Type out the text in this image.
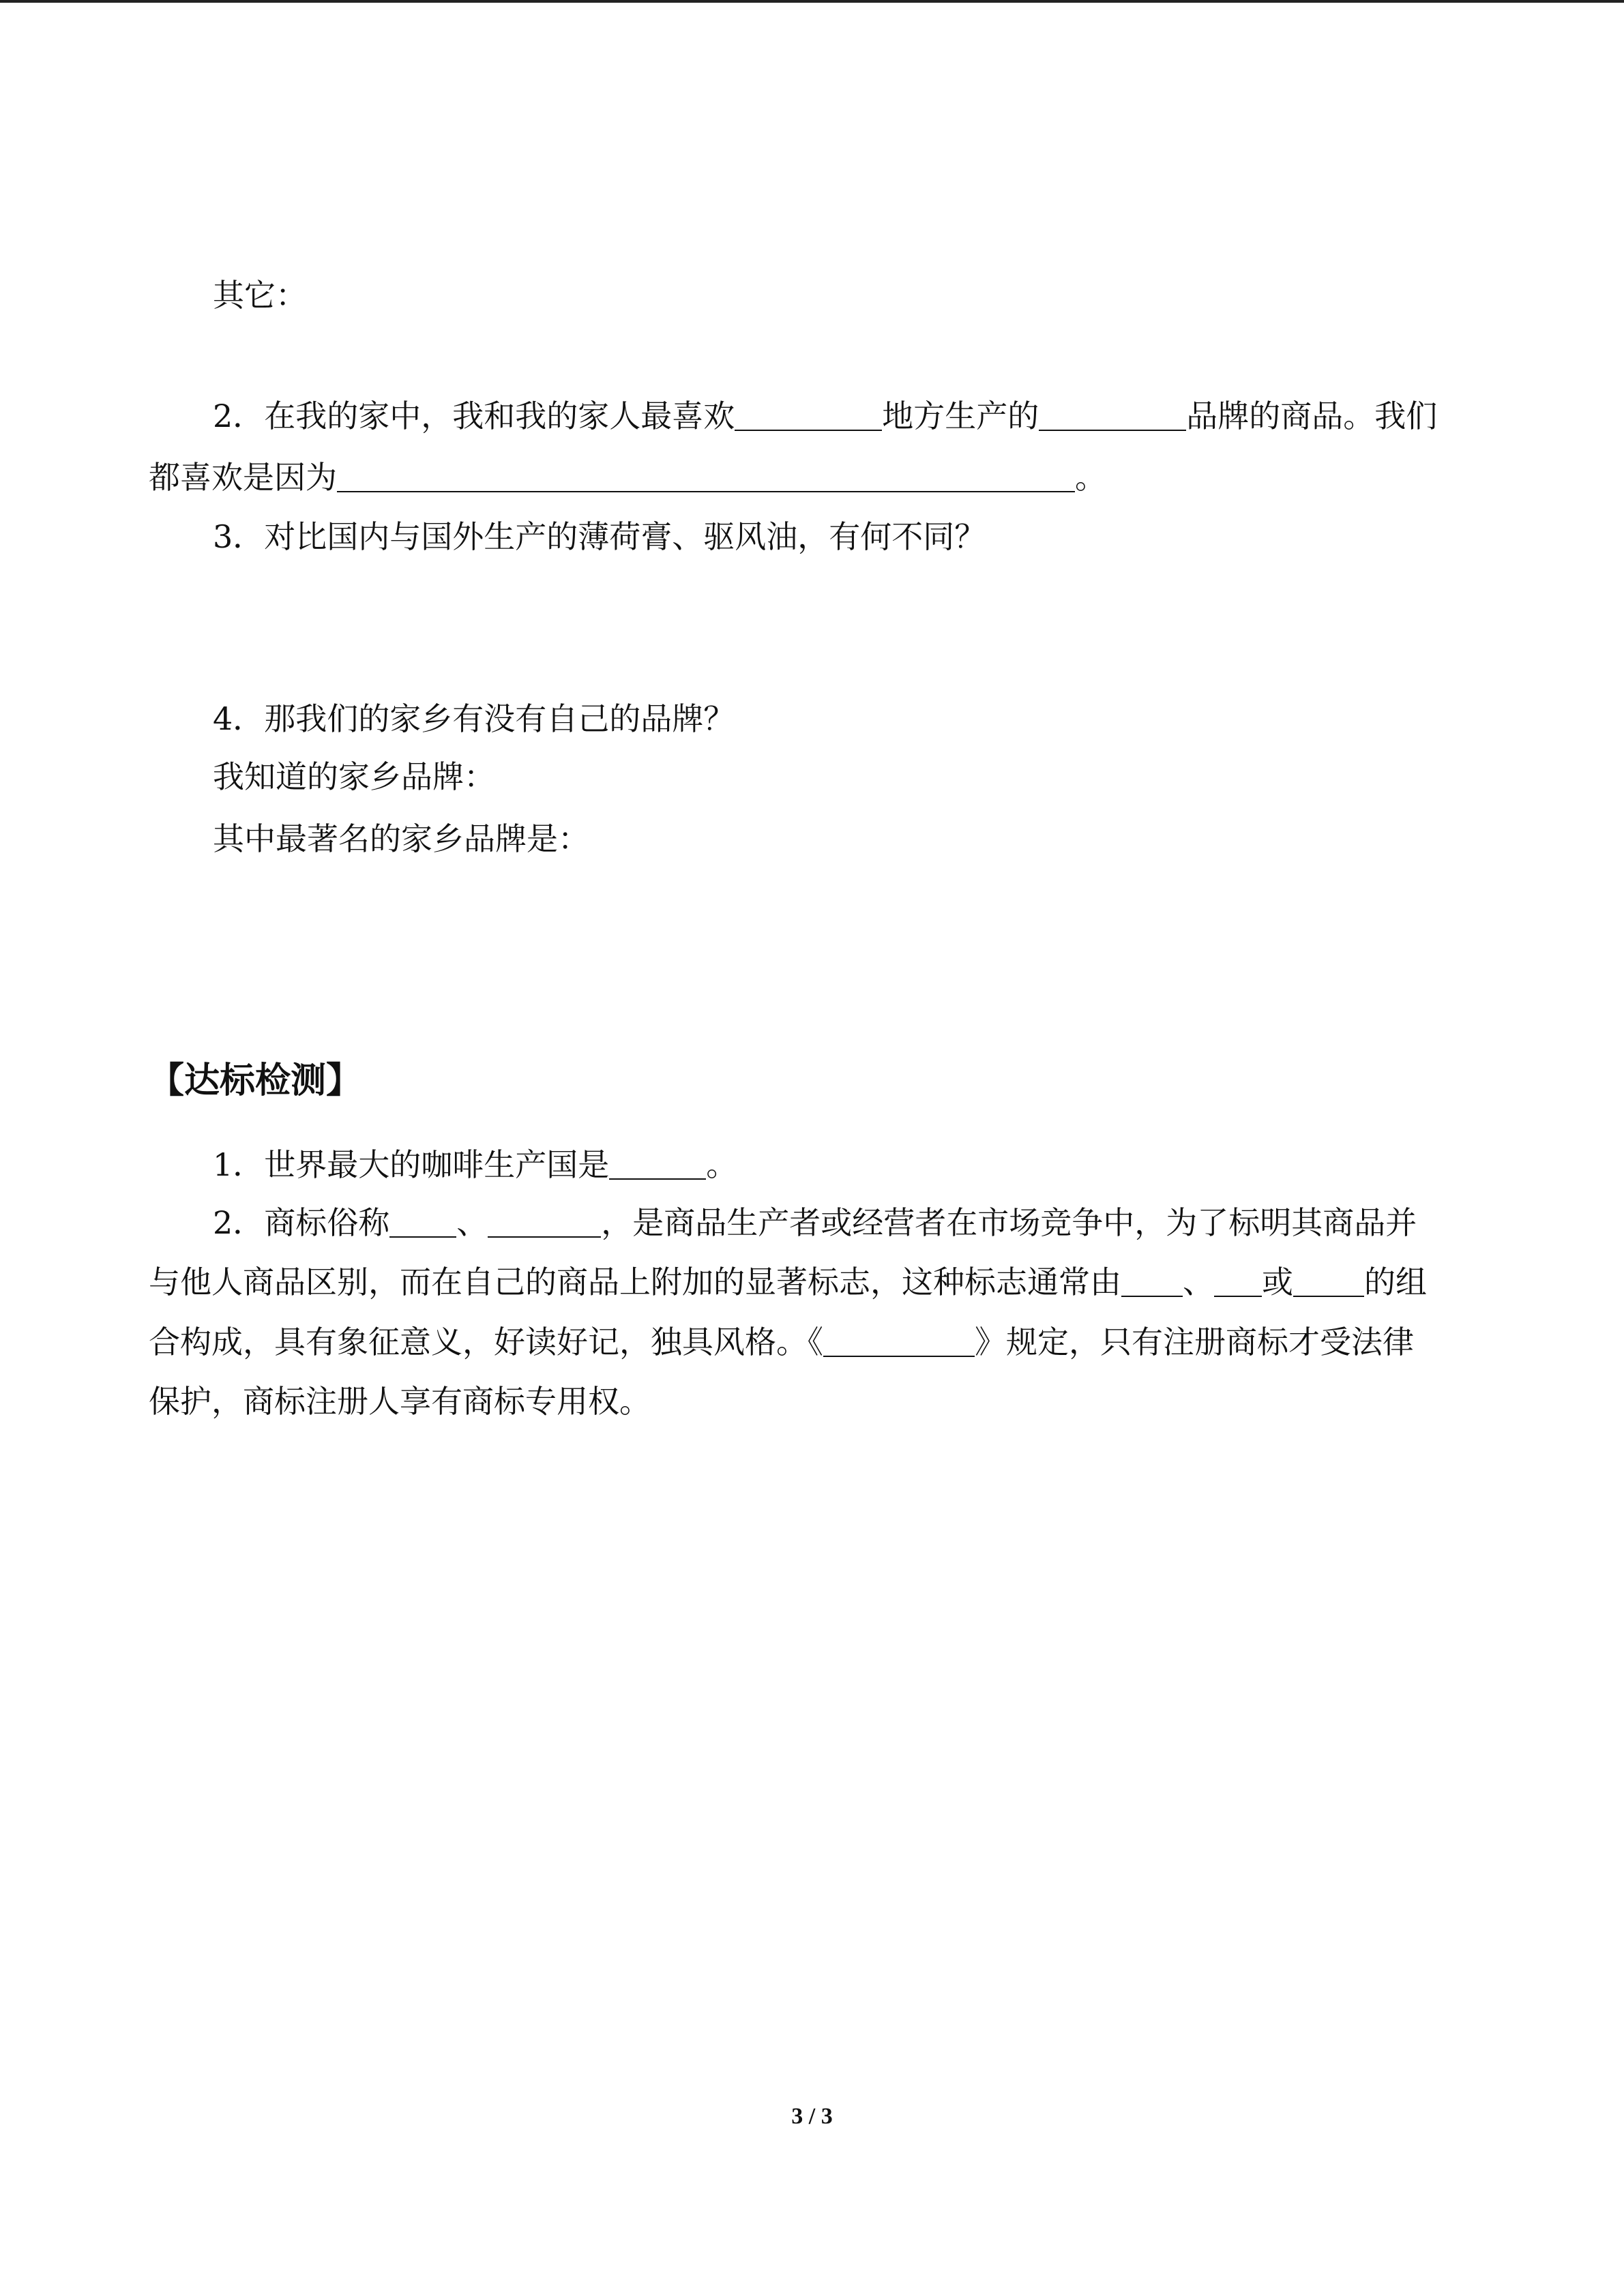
其它：
2．在我的家中，我和我的家人最喜欢	地方生产的	品牌的商品。我们
都喜欢是因为	。
3．对比国内与国外生产的薄荷膏、驱风油，有何不同？
4．那我们的家乡有没有自己的品牌？
我知道的家乡品牌：
其中最著名的家乡品牌是：
【达标检测】
1．世界最大的咖啡生产国是	。
2．商标俗称 、	，是商品生产者或经营者在市场竞争中，为了标明其商品并
与他人商品区别，而在自己的商品上附加的显著标志，这种标志通常由 、 或 的组
合构成，具有象征意义，好读好记，独具风格。《	》规定，只有注册商标才受法律
保护，商标注册人享有商标专用权。
3 / 3
